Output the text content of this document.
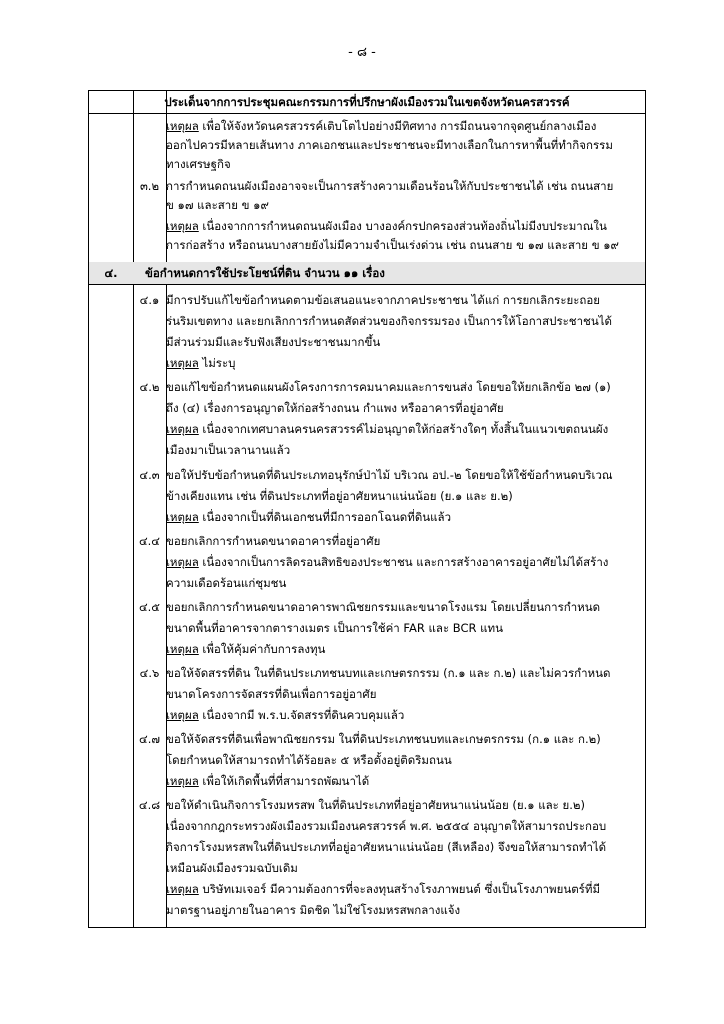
- ๘ -
ประเด็นจากการประชุมคณะกรรมการที่ปรึกษาผังเมืองรวมในเขตจังหวัดนครสวรรค์
เหตุผล เพื่อให้จังหวัดนครสวรรค์เติบโตไปอย่างมีทิศทาง การมีถนนจากจุดศูนย์กลางเมือง
ออกไปควรมีหลายเส้นทาง ภาคเอกชนและประชาชนจะมีทางเลือกในการหาพื้นที่ทำกิจกรรม
ทางเศรษฐกิจ
๓.๒ การกำหนดถนนผังเมืองอาจจะเป็นการสร้างความเดือนร้อนให้กับประชาชนได้ เช่น ถนนสาย
ข ๑๗ และสาย ข ๑๙
เหตุผล เนื่องจากการกำหนดถนนผังเมือง บางองค์กรปกครองส่วนท้องถิ่นไม่มีงบประมาณใน
การก่อสร้าง หรือถนนบางสายยังไม่มีความจำเป็นเร่งด่วน เช่น ถนนสาย ข ๑๗ และสาย ข ๑๙
๔.	ข้อกำหนดการใช้ประโยชน์ที่ดิน จำนวน ๑๑ เรื่อง
๔.๑ มีการปรับแก้ไขข้อกำหนดตามข้อเสนอแนะจากภาคประชาชน ได้แก่ การยกเลิกระยะถอย
ร่นริมเขตทาง และยกเลิกการกำหนดสัดส่วนของกิจกรรมรอง เป็นการให้โอกาสประชาชนได้
มีส่วนร่วมมีและรับฟังเสียงประชาชนมากขึ้น
เหตุผล ไม่ระบุ
๔.๒ ขอแก้ไขข้อกำหนดแผนผังโครงการการคมนาคมและการขนส่ง โดยขอให้ยกเลิกข้อ ๒๗ (๑)
ถึง (๔) เรื่องการอนุญาตให้ก่อสร้างถนน กำแพง หรืออาคารที่อยู่อาศัย
เหตุผล เนื่องจากเทศบาลนครนครสวรรค์ไม่อนุญาตให้ก่อสร้างใดๆ ทั้งสิ้นในแนวเขตถนนผัง
เมืองมาเป็นเวลานานแล้ว
๔.๓ ขอให้ปรับข้อกำหนดที่ดินประเภทอนุรักษ์ป่าไม้ บริเวณ อป.-๒ โดยขอให้ใช้ข้อกำหนดบริเวณ
ข้างเคียงแทน เช่น ที่ดินประเภทที่อยู่อาศัยหนาแน่นน้อย (ย.๑ และ ย.๒)
เหตุผล เนื่องจากเป็นที่ดินเอกชนที่มีการออกโฉนดที่ดินแล้ว
๔.๔ ขอยกเลิกการกำหนดขนาดอาคารที่อยู่อาศัย
เหตุผล เนื่องจากเป็นการลิดรอนสิทธิของประชาชน และการสร้างอาคารอยู่อาศัยไม่ได้สร้าง
ความเดือดร้อนแก่ชุมชน
๔.๕ ขอยกเลิกการกำหนดขนาดอาคารพาณิชยกรรมและขนาดโรงแรม โดยเปลี่ยนการกำหนด
ขนาดพื้นที่อาคารจากตารางเมตร เป็นการใช้ค่า FAR และ BCR แทน
เหตุผล เพื่อให้คุ้มค่ากับการลงทุน
๔.๖ ขอให้จัดสรรที่ดิน ในที่ดินประเภทชนบทและเกษตรกรรม (ก.๑ และ ก.๒) และไม่ควรกำหนด
ขนาดโครงการจัดสรรที่ดินเพื่อการอยู่อาศัย
เหตุผล เนื่องจากมี พ.ร.บ.จัดสรรที่ดินควบคุมแล้ว
๔.๗ ขอให้จัดสรรที่ดินเพื่อพาณิชยกรรม ในที่ดินประเภทชนบทและเกษตรกรรม (ก.๑ และ ก.๒)
โดยกำหนดให้สามารถทำได้ร้อยละ ๕ หรือตั้งอยู่ติดริมถนน
เหตุผล เพื่อให้เกิดพื้นที่ที่สามารถพัฒนาได้
๔.๘ ขอให้ดำเนินกิจการโรงมหรสพ ในที่ดินประเภทที่อยู่อาศัยหนาแน่นน้อย (ย.๑ และ ย.๒)
เนื่องจากกฎกระทรวงผังเมืองรวมเมืองนครสวรรค์ พ.ศ. ๒๕๕๔ อนุญาตให้สามารถประกอบ
กิจการโรงมหรสพในที่ดินประเภทที่อยู่อาศัยหนาแน่นน้อย (สีเหลือง) จึงขอให้สามารถทำได้
เหมือนผังเมืองรวมฉบับเดิม
เหตุผล บริษัทเมเจอร์ มีความต้องการที่จะลงทุนสร้างโรงภาพยนต์ ซึ่งเป็นโรงภาพยนตร์ที่มี
มาตรฐานอยู่ภายในอาคาร มิดชิด ไม่ใช่โรงมหรสพกลางแจ้ง
